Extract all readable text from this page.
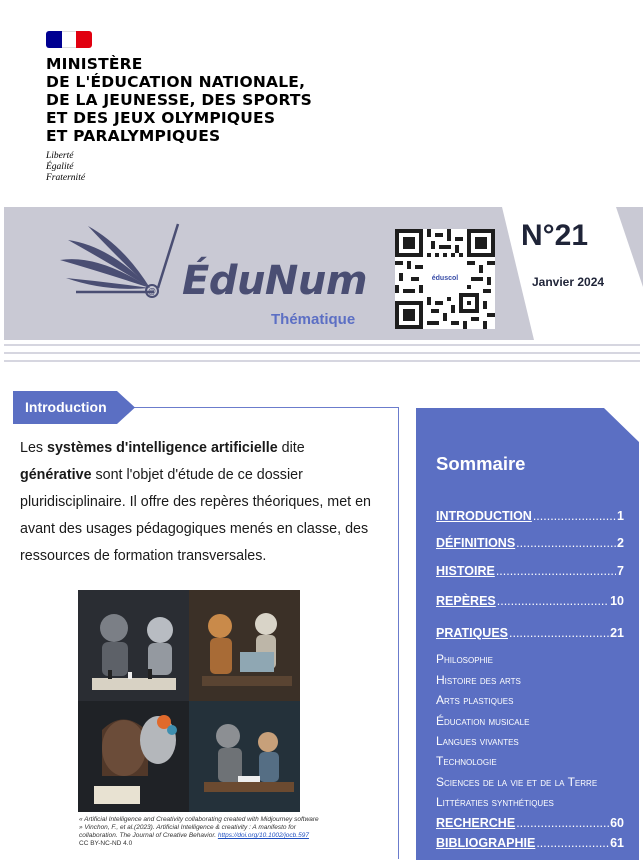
MINISTÈRE
DE L'ÉDUCATION NATIONALE,
DE LA JEUNESSE, DES SPORTS
ET DES JEUX OLYMPIQUES
ET PARALYMPIQUES
Liberté
Égalité
Fraternité
@ ÉduNum
Thématique
éduscol
N°21
Janvier 2024
Introduction
Les systèmes d'intelligence artificielle dite générative sont l'objet d'étude de ce dossier pluridisciplinaire. Il offre des repères théoriques, met en avant des usages pédagogiques menés en classe, des ressources de formation transversales.
« Artificial Intelligence and Creativity collaborating created with Midjourney software » Vinchon, F., et al.(2023). Artificial Intelligence & creativity : A manifesto for collaboration. The Journal of Creative Behavior. https://doi.org/10.1002/jocb.597 CC BY-NC-ND 4.0
Sommaire
INTRODUCTION .....	1
DÉFINITIONS .....	2
HISTOIRE .....	7
REPÈRES .....	10
PRATIQUES .....	21
Philosophie
Histoire des arts
Arts plastiques
Éducation musicale
Langues vivantes
Technologie
Sciences de la vie et de la Terre
Littératies synthétiques
RECHERCHE .....	60
BIBLIOGRAPHIE .....	61
